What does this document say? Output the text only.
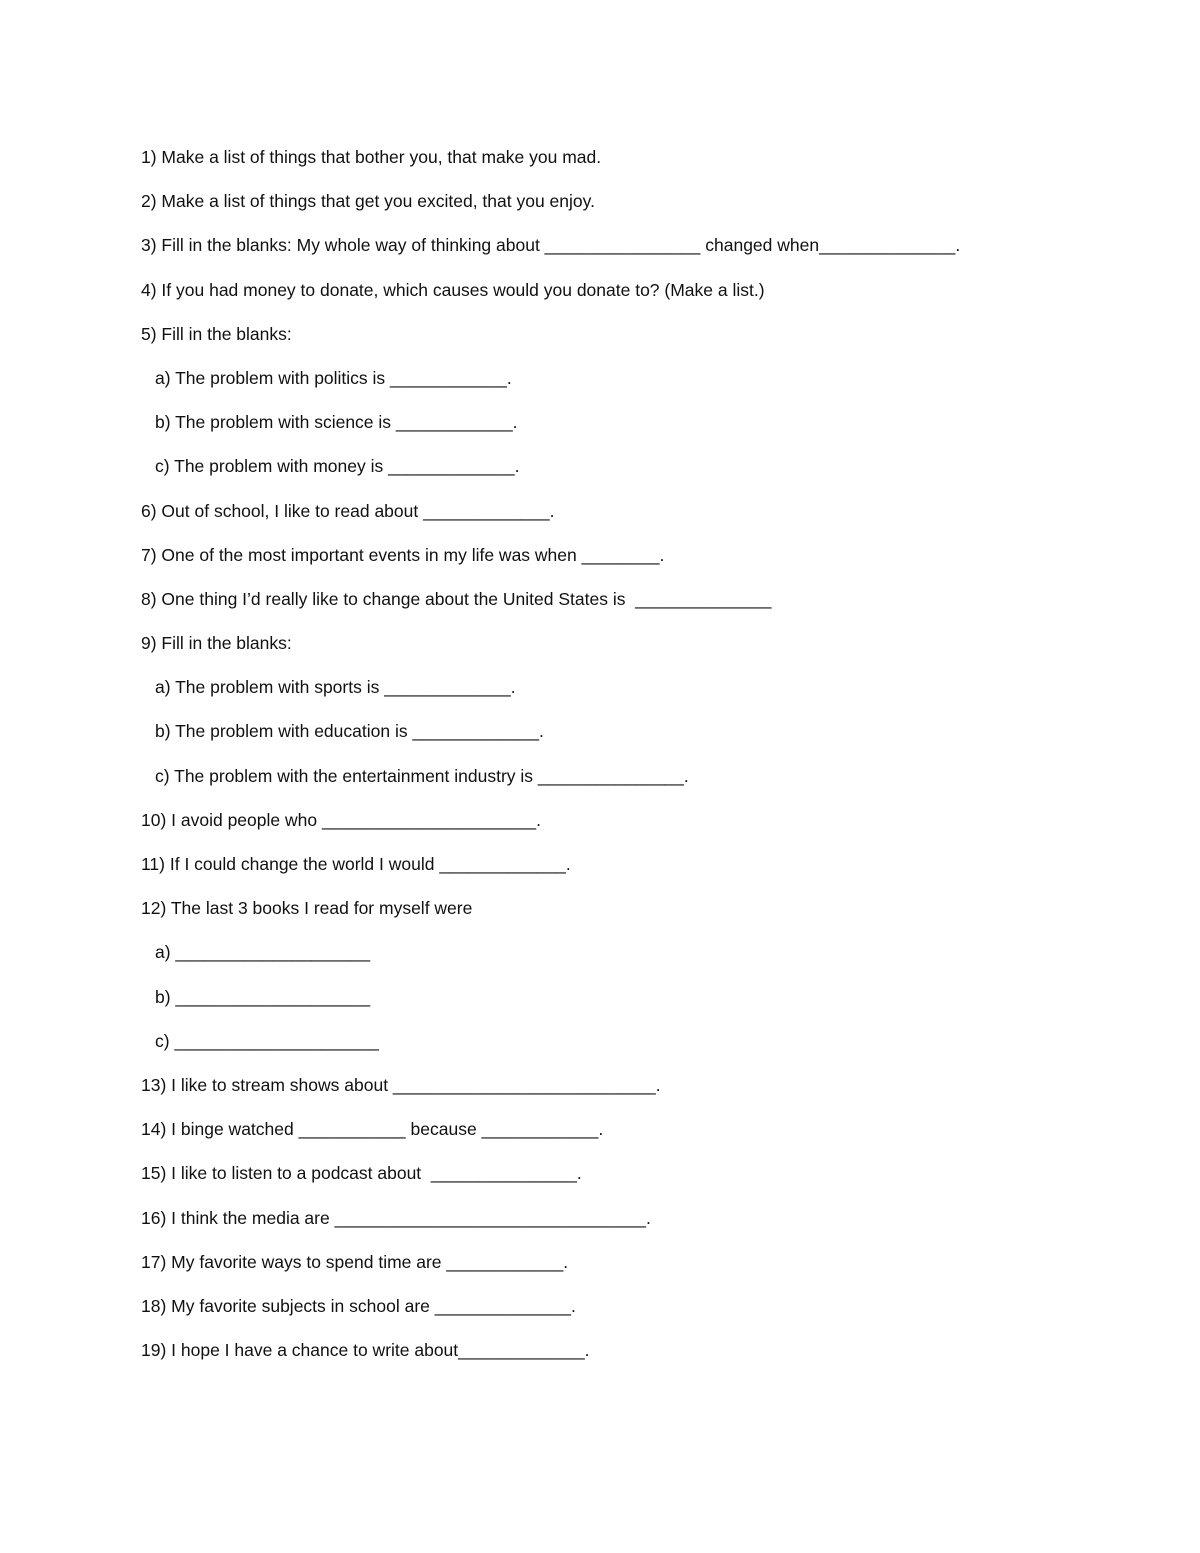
1) Make a list of things that bother you, that make you mad.
2) Make a list of things that get you excited, that you enjoy.
3) Fill in the blanks: My whole way of thinking about ________________ changed when______________.
4) If you had money to donate, which causes would you donate to? (Make a list.)
5) Fill in the blanks:
a) The problem with politics is ____________.
b) The problem with science is ____________.
c) The problem with money is _____________.
6) Out of school, I like to read about _____________.
7) One of the most important events in my life was when ________.
8) One thing I’d really like to change about the United States is  ______________
9) Fill in the blanks:
a) The problem with sports is _____________.
b) The problem with education is _____________.
c) The problem with the entertainment industry is _______________.
10) I avoid people who ______________________.
11) If I could change the world I would _____________.
12) The last 3 books I read for myself were
a) ____________________
b) ____________________
c) _____________________
13) I like to stream shows about ___________________________.
14) I binge watched ___________ because ____________.
15) I like to listen to a podcast about  _______________.
16) I think the media are ________________________________.
17) My favorite ways to spend time are ____________.
18) My favorite subjects in school are ______________.
19) I hope I have a chance to write about_____________.
